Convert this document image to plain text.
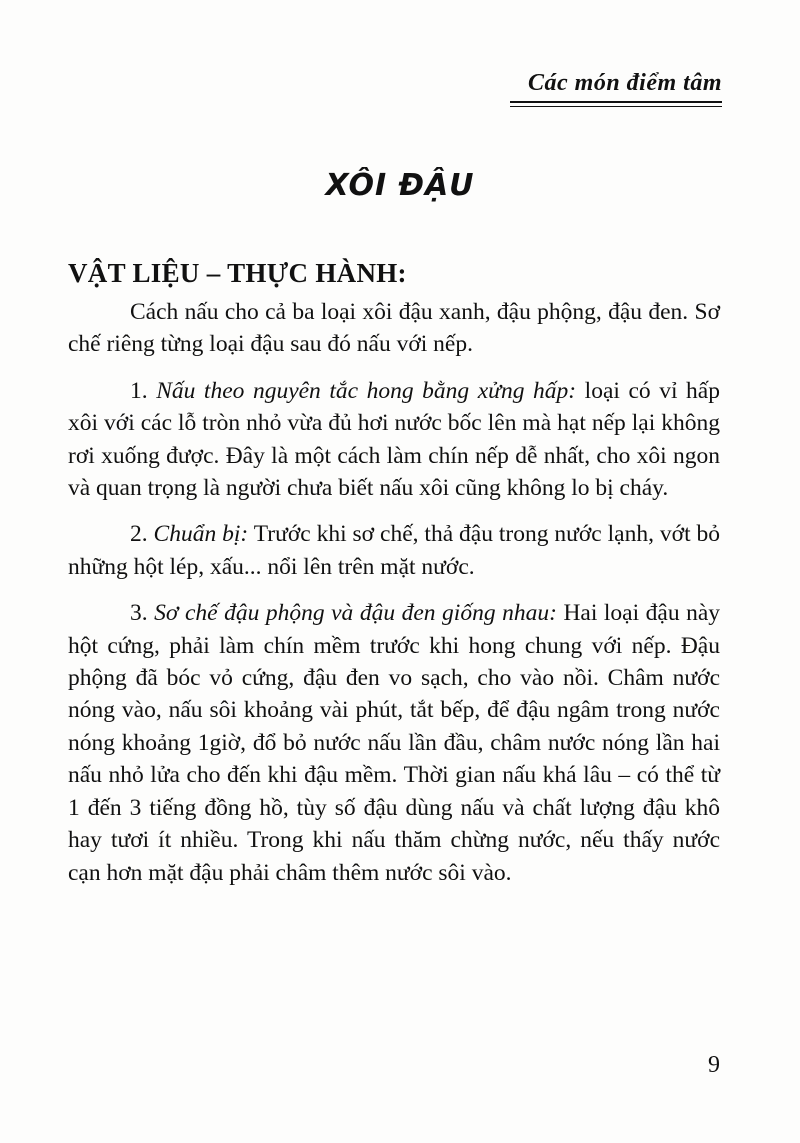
Các món điểm tâm
XÔI ĐẬU
VẬT LIỆU – THỰC HÀNH:

Cách nấu cho cả ba loại xôi đậu xanh, đậu phộng, đậu đen. Sơ chế riêng từng loại đậu sau đó nấu với nếp.

1. Nấu theo nguyên tắc hong bằng xửng hấp: loại có vỉ hấp xôi với các lỗ tròn nhỏ vừa đủ hơi nước bốc lên mà hạt nếp lại không rơi xuống được. Đây là một cách làm chín nếp dễ nhất, cho xôi ngon và quan trọng là người chưa biết nấu xôi cũng không lo bị cháy.

2. Chuẩn bị: Trước khi sơ chế, thả đậu trong nước lạnh, vớt bỏ những hột lép, xấu... nổi lên trên mặt nước.

3. Sơ chế đậu phộng và đậu đen giống nhau: Hai loại đậu này hột cứng, phải làm chín mềm trước khi hong chung với nếp. Đậu phộng đã bóc vỏ cứng, đậu đen vo sạch, cho vào nồi. Châm nước nóng vào, nấu sôi khoảng vài phút, tắt bếp, để đậu ngâm trong nước nóng khoảng 1giờ, đổ bỏ nước nấu lần đầu, châm nước nóng lần hai nấu nhỏ lửa cho đến khi đậu mềm. Thời gian nấu khá lâu – có thể từ 1 đến 3 tiếng đồng hồ, tùy số đậu dùng nấu và chất lượng đậu khô hay tươi ít nhiều. Trong khi nấu thăm chừng nước, nếu thấy nước cạn hơn mặt đậu phải châm thêm nước sôi vào.

9
